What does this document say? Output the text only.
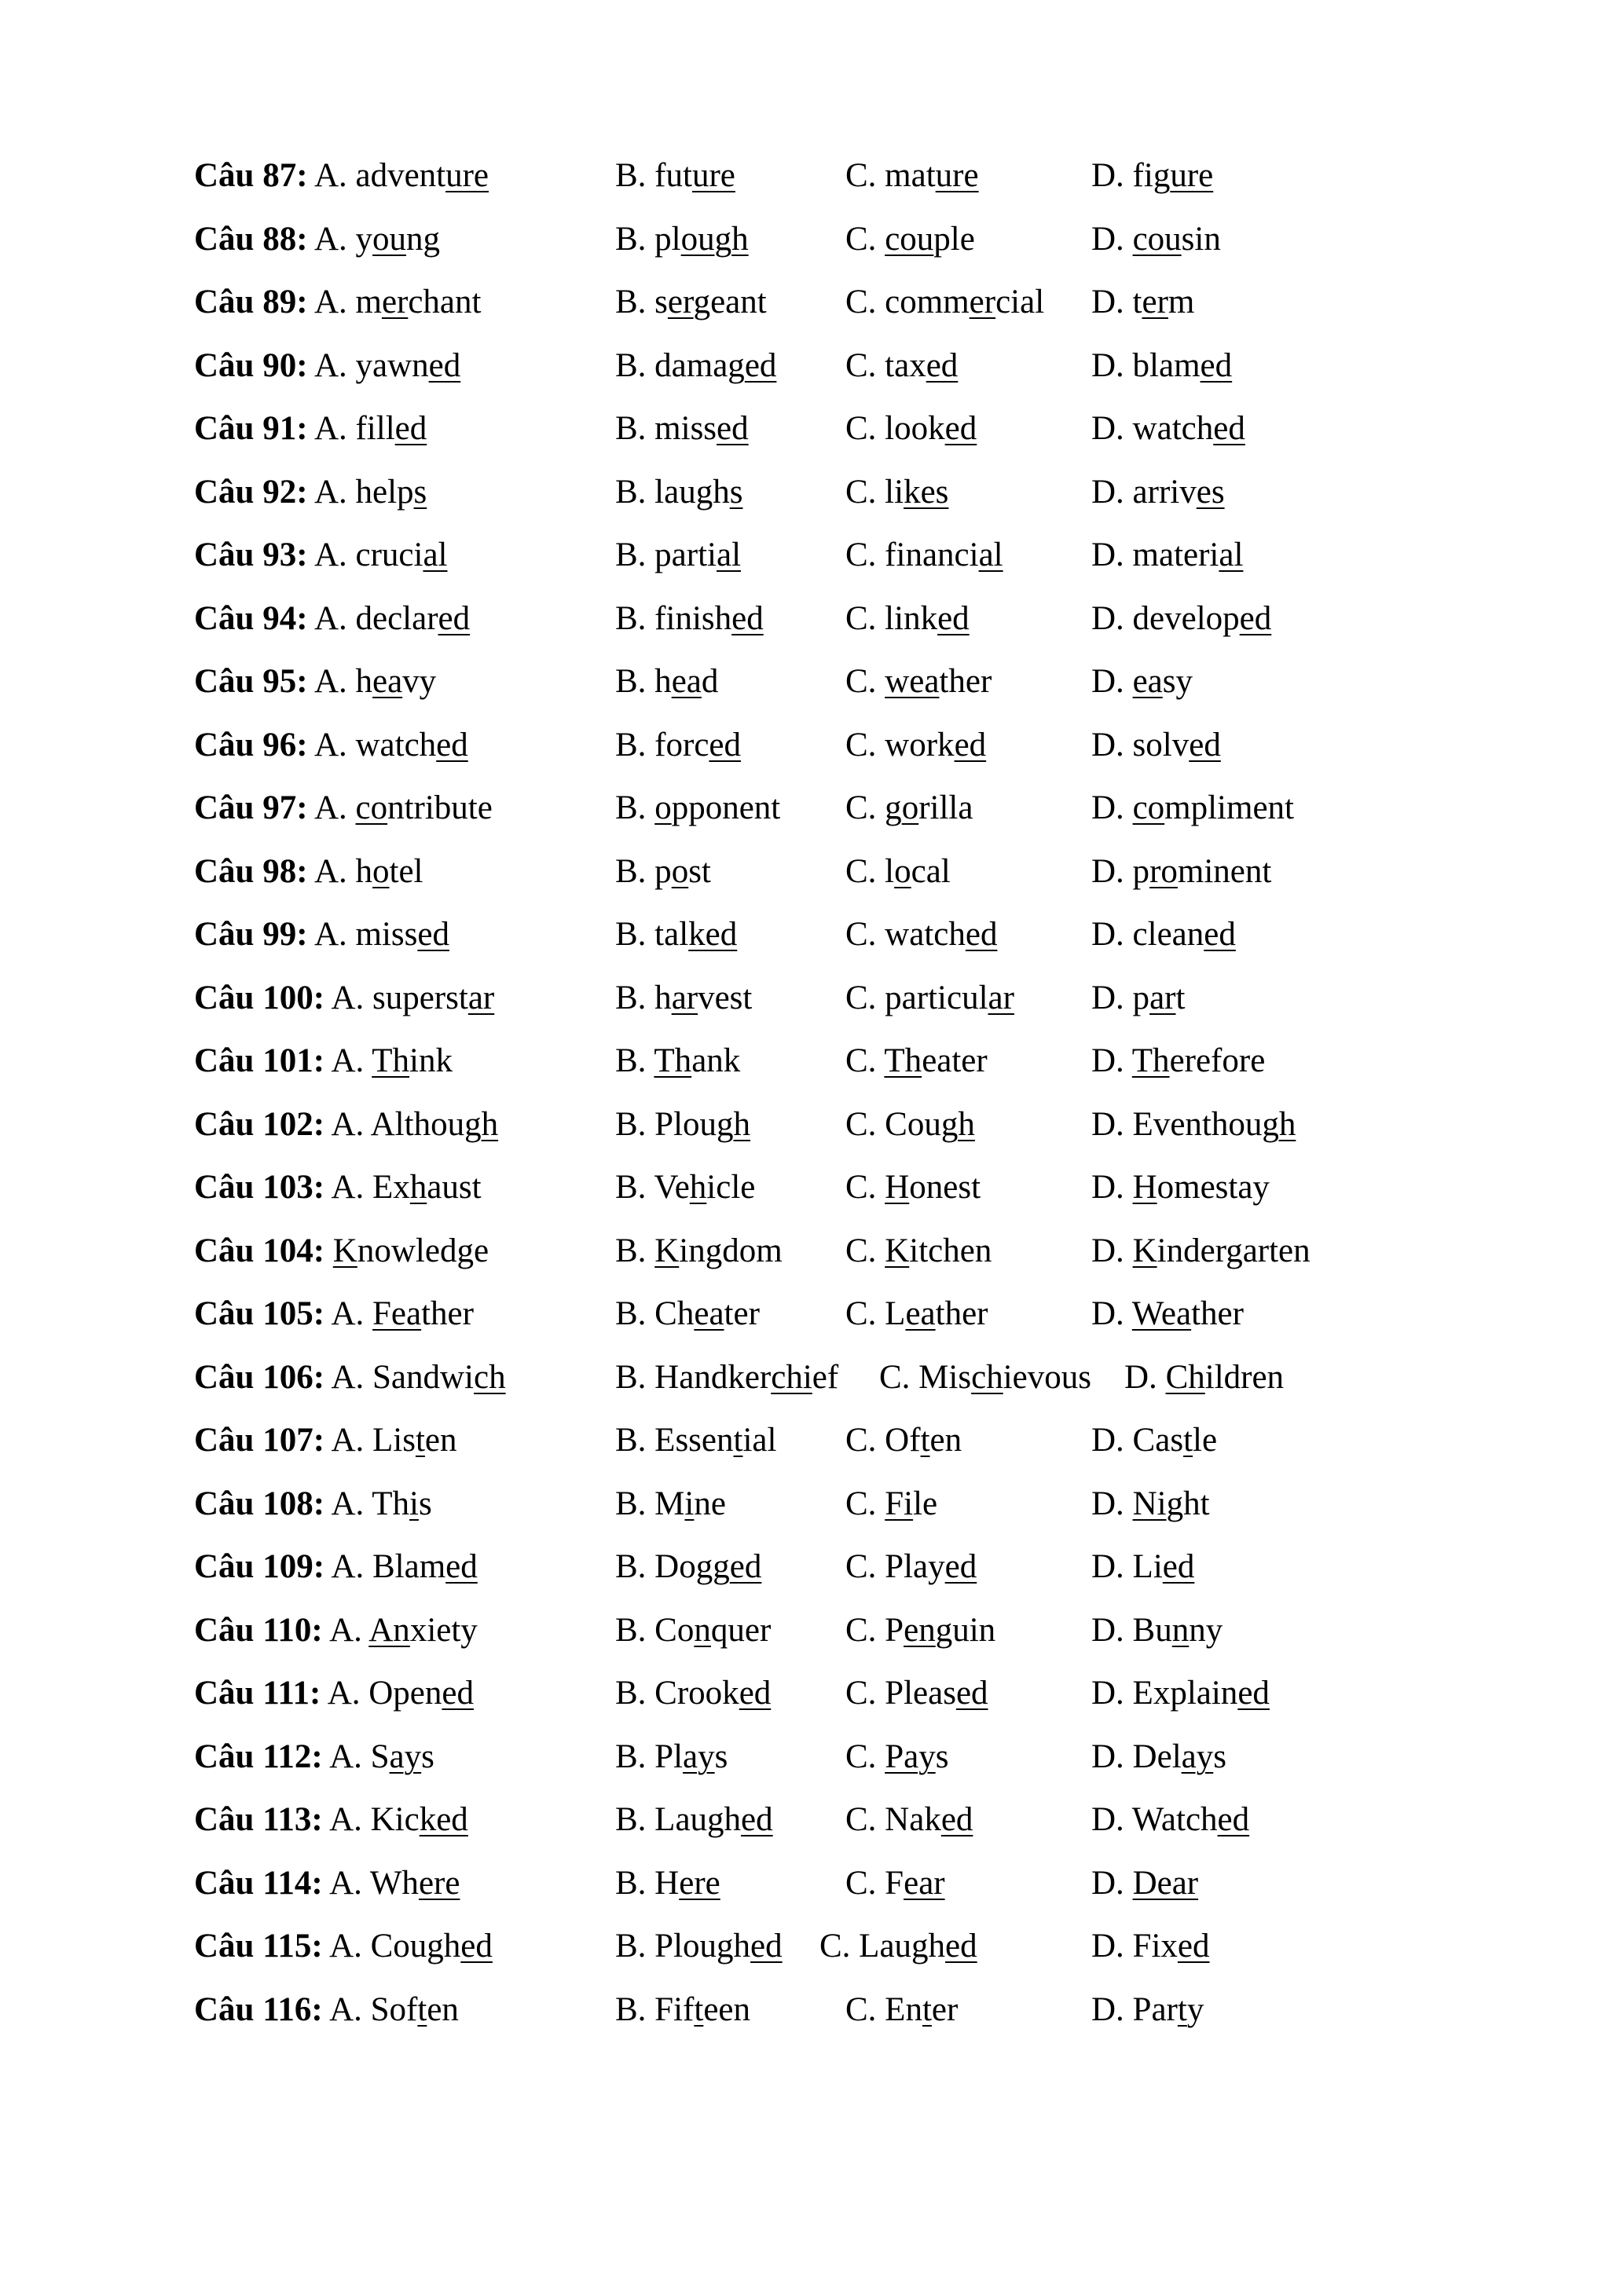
Câu 87: A. adventure	B. future	C. mature	D. figure
Câu 88: A. young	B. plough	C. couple	D. cousin
Câu 89: A. merchant	B. sergeant C. commercial D. term
Câu 90: A. yawned	B. damaged C. taxed	D. blamed
Câu 91: A. filled	B. missed	C. looked	D. watched
Câu 92: A. helps	B. laughs	C. likes	D. arrives
Câu 93: A. crucial	B. partial	C. financial	D. material
Câu 94: A. declared	B. finished C. linked	D. developed
Câu 95: A. heavy	B. head	C. weather	D. easy
Câu 96: A. watched	B. forced	C. worked	D. solved
Câu 97: A. contribute	B. opponent C. gorilla	D. compliment
Câu 98: A. hotel	B. post	C. local	D. prominent
Câu 99: A. missed	B. talked	C. watched	D. cleaned
Câu 100: A. superstar	B. harvest	C. particular D. part
Câu 101: A. Think	B. Thank	C. Theater	D. Therefore
Câu 102: A. Although	B. Plough	C. Cough	D. Eventhough
Câu 103: A. Exhaust	B. Vehicle	C. Honest	D. Homestay
Câu 104: Knowledge	B. Kingdom C. Kitchen	D. Kindergarten
Câu 105: A. Feather	B. Cheater	C. Leather	D. Weather
Câu 106: A. Sandwich	B. Handkerchief C. Mischievous D. Children
Câu 107: A. Listen	B. Essential C. Often	D. Castle
Câu 108: A. This	B. Mine	C. File	D. Night
Câu 109: A. Blamed	B. Dogged C. Played	D. Lied
Câu 110: A. Anxiety	B. Conquer C. Penguin	D. Bunny
Câu 111: A. Opened	B. Crooked C. Pleased	D. Explained
Câu 112: A. Says	B. Plays	C. Pays	D. Delays
Câu 113: A. Kicked	B. Laughed C. Naked	D. Watched
Câu 114: A. Where	B. Here	C. Fear	D. Dear
Câu 115: A. Coughed	B. Ploughed C. Laughed	D. Fixed
Câu 116: A. Soften	B. Fifteen	C. Enter	D. Party
